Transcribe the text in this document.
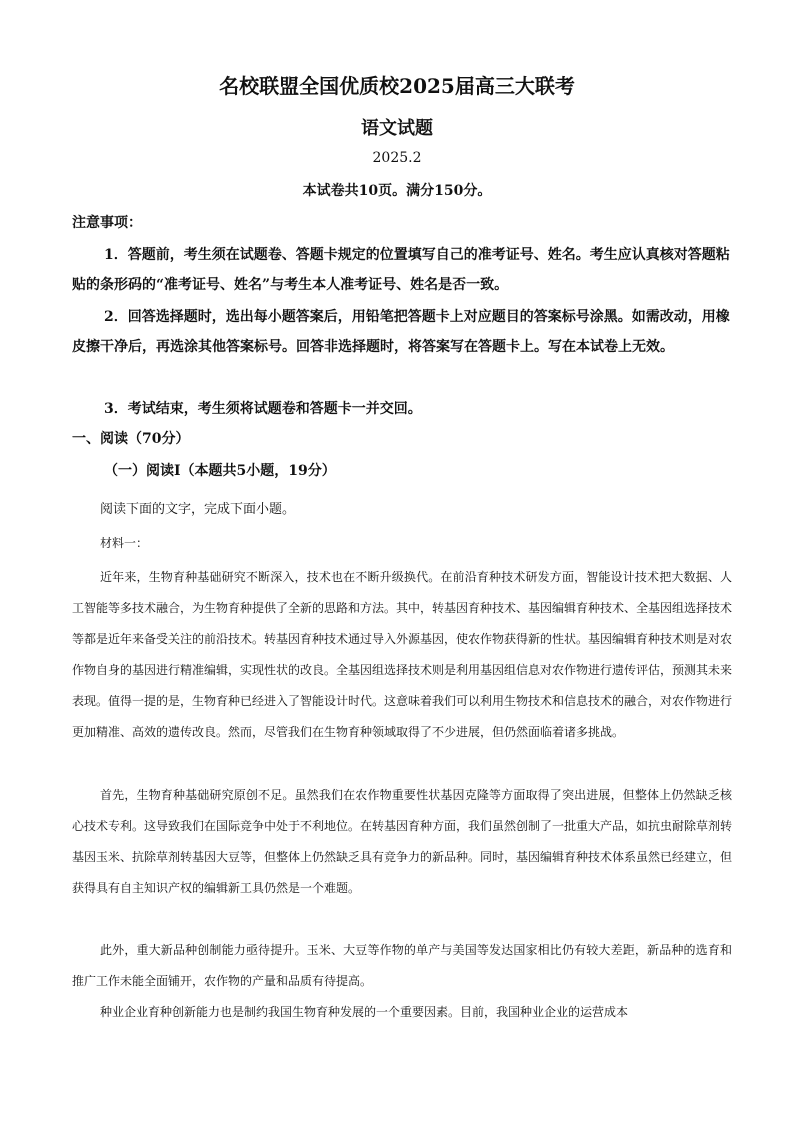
名校联盟全国优质校2025届高三大联考
语文试题
2025.2
本试卷共10页。满分150分。
注意事项：

1．答题前，考生须在试题卷、答题卡规定的位置填写自己的准考证号、姓名。考生应认真核对答题粘贴的条形码的“准考证号、姓名”与考生本人准考证号、姓名是否一致。

2．回答选择题时，选出每小题答案后，用铅笔把答题卡上对应题目的答案标号涂黑。如需改动，用橡皮擦干净后，再选涂其他答案标号。回答非选择题时，将答案写在答题卡上。写在本试卷上无效。

3．考试结束，考生须将试题卷和答题卡一并交回。

一、阅读（70分）
（一）阅读Ⅰ（本题共5小题，19分）
阅读下面的文字，完成下面小题。
材料一：

近年来，生物育种基础研究不断深入，技术也在不断升级换代。在前沿育种技术研发方面，智能设计技术把大数据、人工智能等多技术融合，为生物育种提供了全新的思路和方法。其中，转基因育种技术、基因编辑育种技术、全基因组选择技术等都是近年来备受关注的前沿技术。转基因育种技术通过导入外源基因，使农作物获得新的性状。基因编辑育种技术则是对农作物自身的基因进行精准编辑，实现性状的改良。全基因组选择技术则是利用基因组信息对农作物进行遗传评估，预测其未来表现。值得一提的是，生物育种已经进入了智能设计时代。这意味着我们可以利用生物技术和信息技术的融合，对农作物进行更加精准、高效的遗传改良。然而，尽管我们在生物育种领域取得了不少进展，但仍然面临着诸多挑战。

首先，生物育种基础研究原创不足。虽然我们在农作物重要性状基因克隆等方面取得了突出进展，但整体上仍然缺乏核心技术专利。这导致我们在国际竞争中处于不利地位。在转基因育种方面，我们虽然创制了一批重大产品，如抗虫耐除草剂转基因玉米、抗除草剂转基因大豆等，但整体上仍然缺乏具有竞争力的新品种。同时，基因编辑育种技术体系虽然已经建立，但获得具有自主知识产权的编辑新工具仍然是一个难题。

此外，重大新品种创制能力亟待提升。玉米、大豆等作物的单产与美国等发达国家相比仍有较大差距，新品种的选育和推广工作未能全面铺开，农作物的产量和品质有待提高。

种业企业育种创新能力也是制约我国生物育种发展的一个重要因素。目前，我国种业企业的运营成本
